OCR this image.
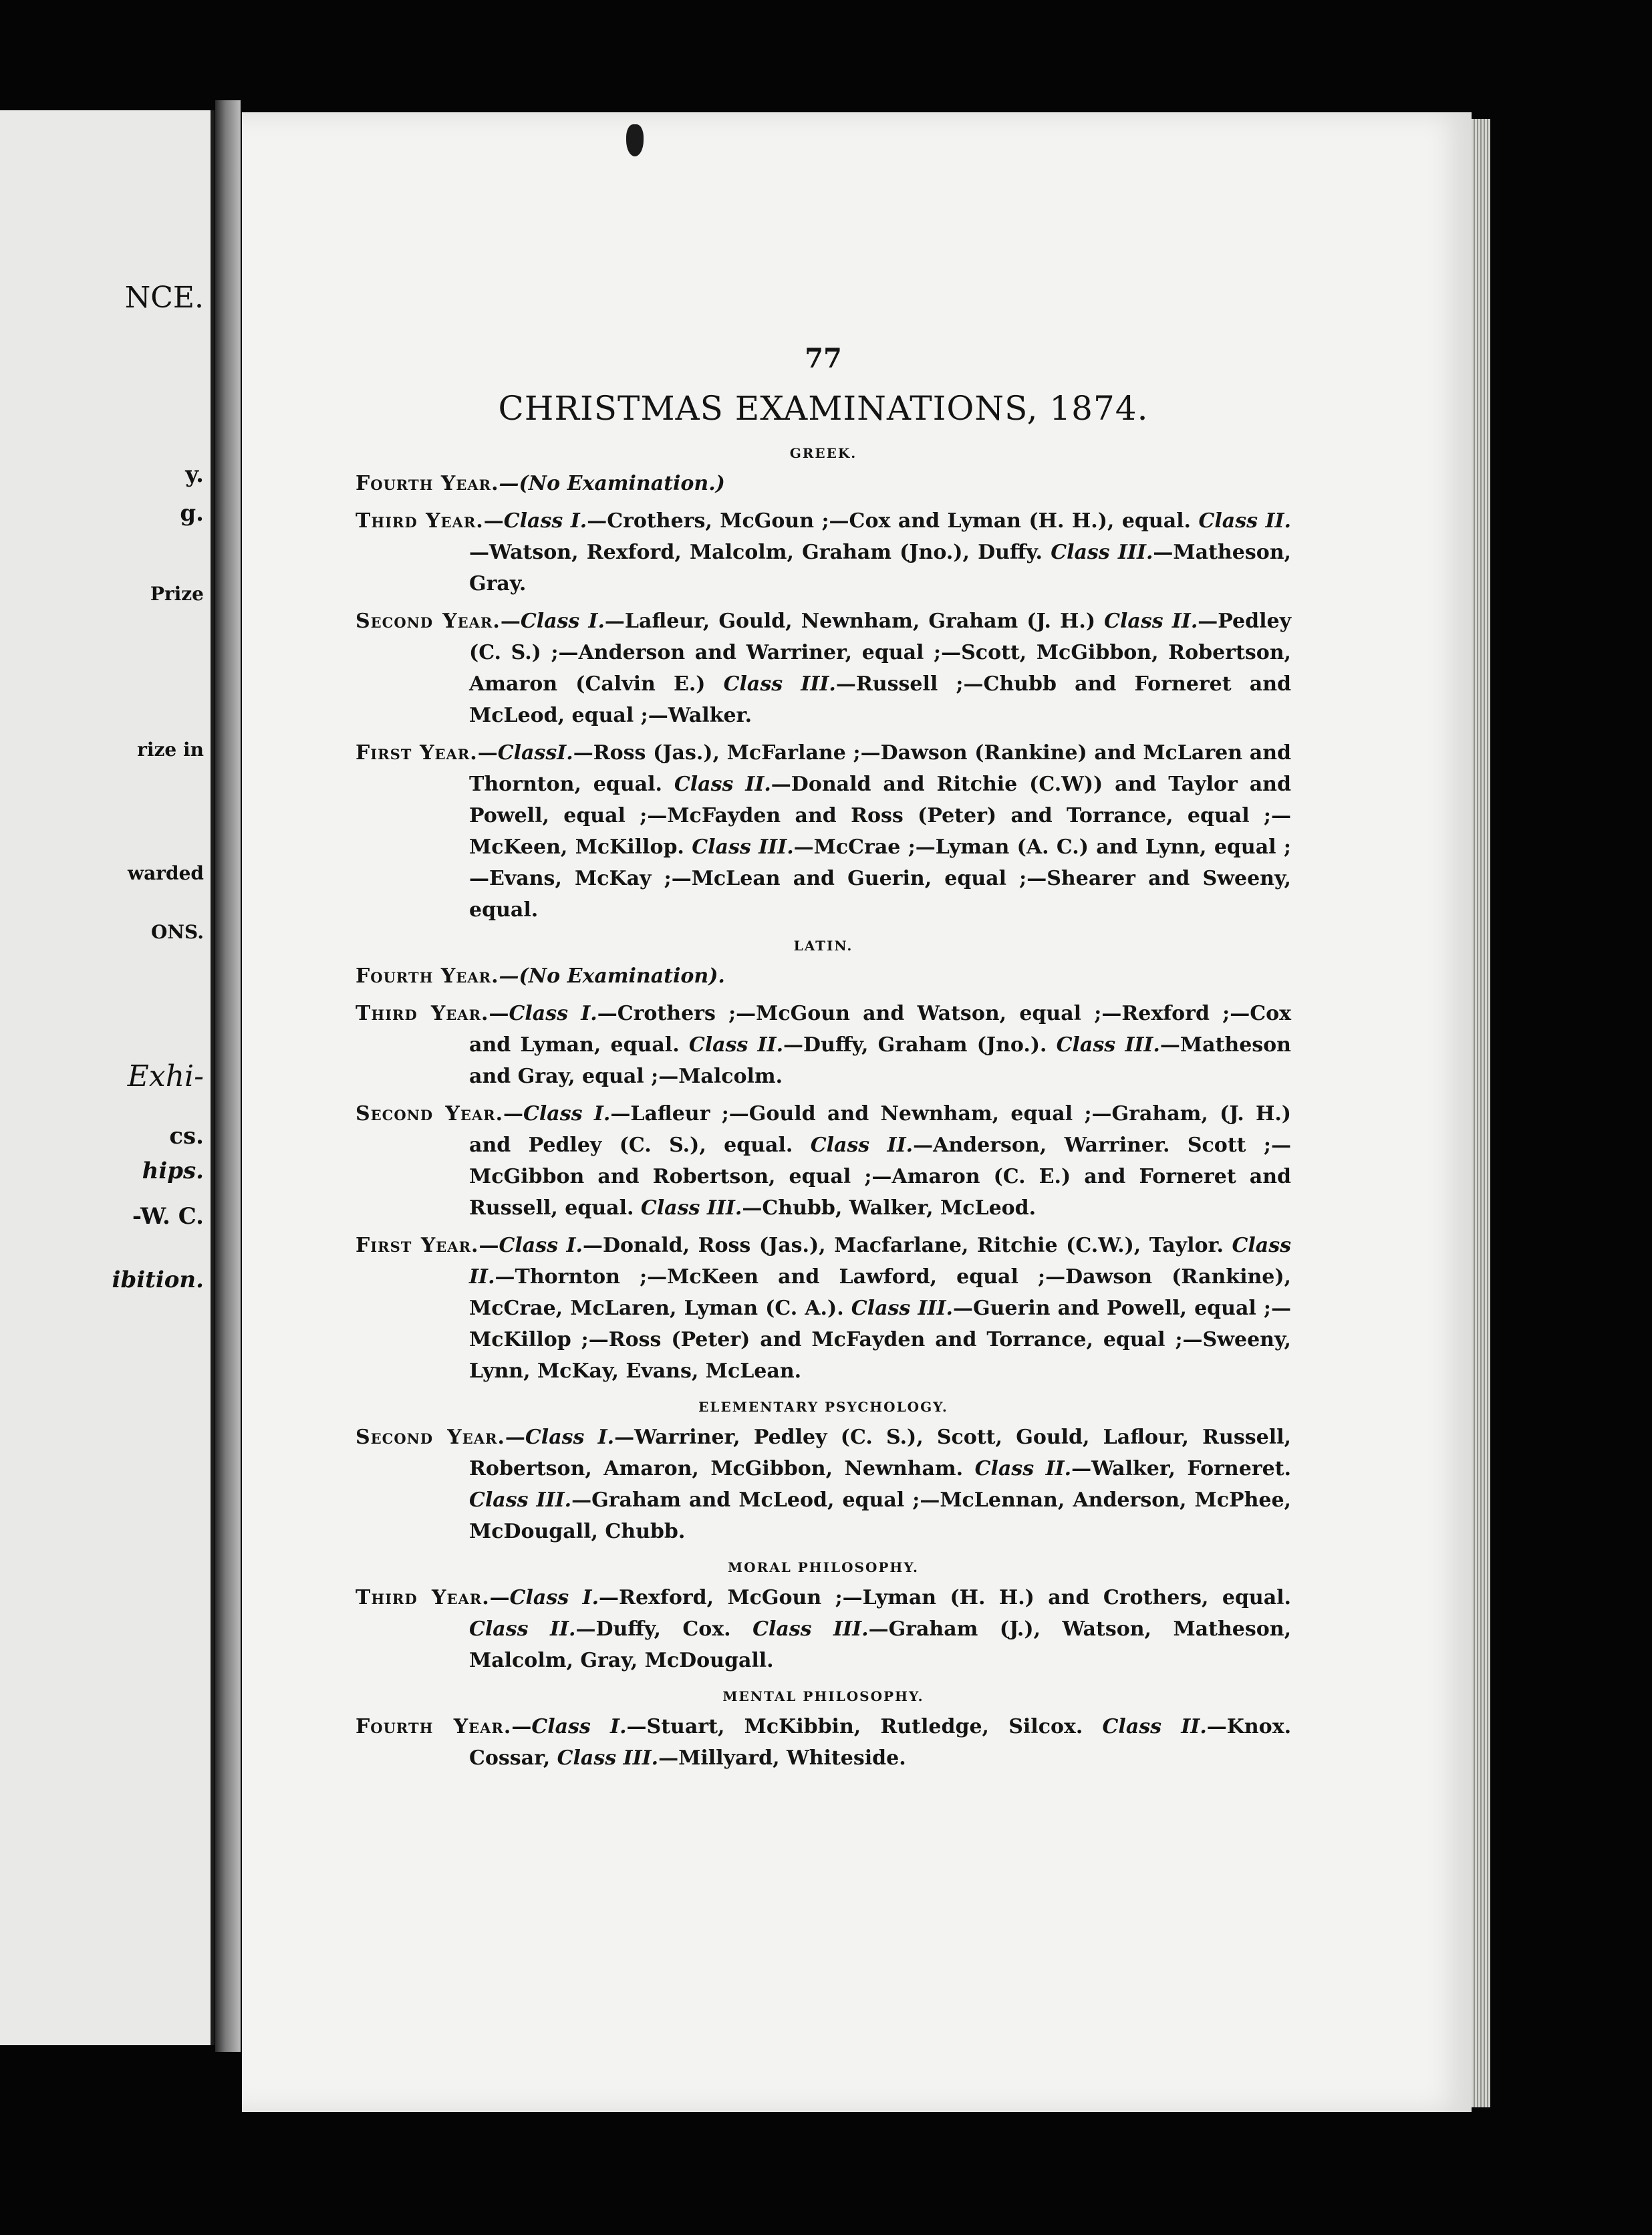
NCE.
y.
g.
Prize
rize in
warded
ONS.
Exhi-
cs.
hips.
-W. C.
ibition.
77
CHRISTMAS EXAMINATIONS, 1874.
GREEK.

Fourth Year.—(No Examination.)

Third Year.—Class I.—Crothers, McGoun ;—Cox and Lyman (H. H.), equal. Class II.—Watson, Rexford, Malcolm, Graham (Jno.), Duffy. Class III.—Matheson, Gray.

Second Year.—Class I.—Lafleur, Gould, Newnham, Graham (J. H.) Class II.—Pedley (C. S.) ;—Anderson and Warriner, equal ;—Scott, McGibbon, Robertson, Amaron (Calvin E.) Class III.—Russell ;—Chubb and Forneret and McLeod, equal ;—Walker.

First Year.—ClassI.—Ross (Jas.), McFarlane ;—Dawson (Rankine) and McLaren and Thornton, equal. Class II.—Donald and Ritchie (C.W)) and Taylor and Powell, equal ;—McFayden and Ross (Peter) and Torrance, equal ;—McKeen, McKillop. Class III.—McCrae ;—Lyman (A. C.) and Lynn, equal ;—Evans, McKay ;—McLean and Guerin, equal ;—Shearer and Sweeny, equal.

LATIN.

Fourth Year.—(No Examination).

Third Year.—Class I.—Crothers ;—McGoun and Watson, equal ;—Rexford ;—Cox and Lyman, equal. Class II.—Duffy, Graham (Jno.). Class III.—Matheson and Gray, equal ;—Malcolm.

Second Year.—Class I.—Lafleur ;—Gould and Newnham, equal ;—Graham, (J. H.) and Pedley (C. S.), equal. Class II.—Anderson, Warriner. Scott ;—McGibbon and Robertson, equal ;—Amaron (C. E.) and Forneret and Russell, equal. Class III.—Chubb, Walker, McLeod.

First Year.—Class I.—Donald, Ross (Jas.), Macfarlane, Ritchie (C.W.), Taylor. Class II.—Thornton ;—McKeen and Lawford, equal ;—Dawson (Rankine), McCrae, McLaren, Lyman (C. A.). Class III.—Guerin and Powell, equal ;—McKillop ;—Ross (Peter) and McFayden and Torrance, equal ;—Sweeny, Lynn, McKay, Evans, McLean.

ELEMENTARY PSYCHOLOGY.

Second Year.—Class I.—Warriner, Pedley (C. S.), Scott, Gould, Laflour, Russell, Robertson, Amaron, McGibbon, Newnham. Class II.—Walker, Forneret. Class III.—Graham and McLeod, equal ;—McLennan, Anderson, McPhee, McDougall, Chubb.

MORAL PHILOSOPHY.

Third Year.—Class I.—Rexford, McGoun ;—Lyman (H. H.) and Crothers, equal. Class II.—Duffy, Cox. Class III.—Graham (J.), Watson, Matheson, Malcolm, Gray, McDougall.

MENTAL PHILOSOPHY.

Fourth Year.—Class I.—Stuart, McKibbin, Rutledge, Silcox. Class II.—Knox. Cossar, Class III.—Millyard, Whiteside.
